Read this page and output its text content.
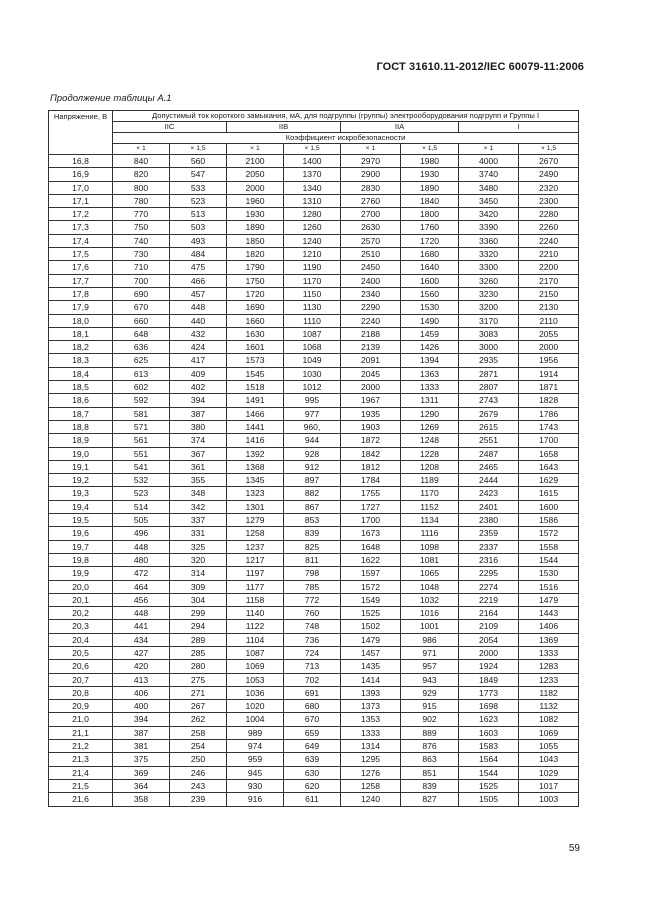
ГОСТ 31610.11-2012/IEC 60079-11:2006
Продолжение таблицы А.1
Напряжение, В	Допустимый ток короткого замыкания, мА, для подгруппы (группы) электрооборудования подгрупп и Группы I							
	IIC		IIB		IIA		I	
	Коэффициент искробезопасности							
	× 1	× 1,5	× 1	× 1,5	× 1	× 1,5	× 1	× 1,5
16,8	840	560	2100	1400	2970	1980	4000	2670
16,9	820	547	2050	1370	2900	1930	3740	2490
17,0	800	533	2000	1340	2830	1890	3480	2320
17,1	780	523	1960	1310	2760	1840	3450	2300
17,2	770	513	1930	1280	2700	1800	3420	2280
17,3	750	503	1890	1260	2630	1760	3390	2260
17,4	740	493	1850	1240	2570	1720	3360	2240
17,5	730	484	1820	1210	2510	1680	3320	2210
17,6	710	475	1790	1190	2450	1640	3300	2200
17,7	700	466	1750	1170	2400	1600	3260	2170
17,8	690	457	1720	1150	2340	1560	3230	2150
17,9	670	448	1690	1130	2290	1530	3200	2130
18,0	660	440	1660	1110	2240	1490	3170	2110
18,1	648	432	1630	1087	2188	1459	3083	2055
18,2	636	424	1601	1068	2139	1426	3000	2000
18,3	625	417	1573	1049	2091	1394	2935	1956
18,4	613	409	1545	1030	2045	1363	2871	1914
18,5	602	402	1518	1012	2000	1333	2807	1871
18,6	592	394	1491	995	1967	1311	2743	1828
18,7	581	387	1466	977	1935	1290	2679	1786
18,8	571	380	1441	960,	1903	1269	2615	1743
18,9	561	374	1416	944	1872	1248	2551	1700
19,0	551	367	1392	928	1842	1228	2487	1658
19,1	541	361	1368	912	1812	1208	2465	1643
19,2	532	355	1345	897	1784	1189	2444	1629
19,3	523	348	1323	882	1755	1170	2423	1615
19,4	514	342	1301	867	1727	1152	2401	1600
19,5	505	337	1279	853	1700	1134	2380	1586
19,6	496	331	1258	839	1673	1116	2359	1572
19,7	448	325	1237	825	1648	1098	2337	1558
19,8	480	320	1217	811	1622	1081	2316	1544
19,9	472	314	1197	798	1597	1065	2295	1530
20,0	464	309	1177	785	1572	1048	2274	1516
20,1	456	304	1158	772	1549	1032	2219	1479
20,2	448	299	1140	760	1525	1016	2164	1443
20,3	441	294	1122	748	1502	1001	2109	1406
20,4	434	289	1104	736	1479	986	2054	1369
20,5	427	285	1087	724	1457	971	2000	1333
20,6	420	280	1069	713	1435	957	1924	1283
20,7	413	275	1053	702	1414	943	1849	1233
20,8	406	271	1036	691	1393	929	1773	1182
20,9	400	267	1020	680	1373	915	1698	1132
21,0	394	262	1004	670	1353	902	1623	1082
21,1	387	258	989	659	1333	889	1603	1069
21,2	381	254	974	649	1314	876	1583	1055
21,3	375	250	959	639	1295	863	1564	1043
21,4	369	246	945	630	1276	851	1544	1029
21,5	364	243	930	620	1258	839	1525	1017
21,6	358	239	916	611	1240	827	1505	1003
59
